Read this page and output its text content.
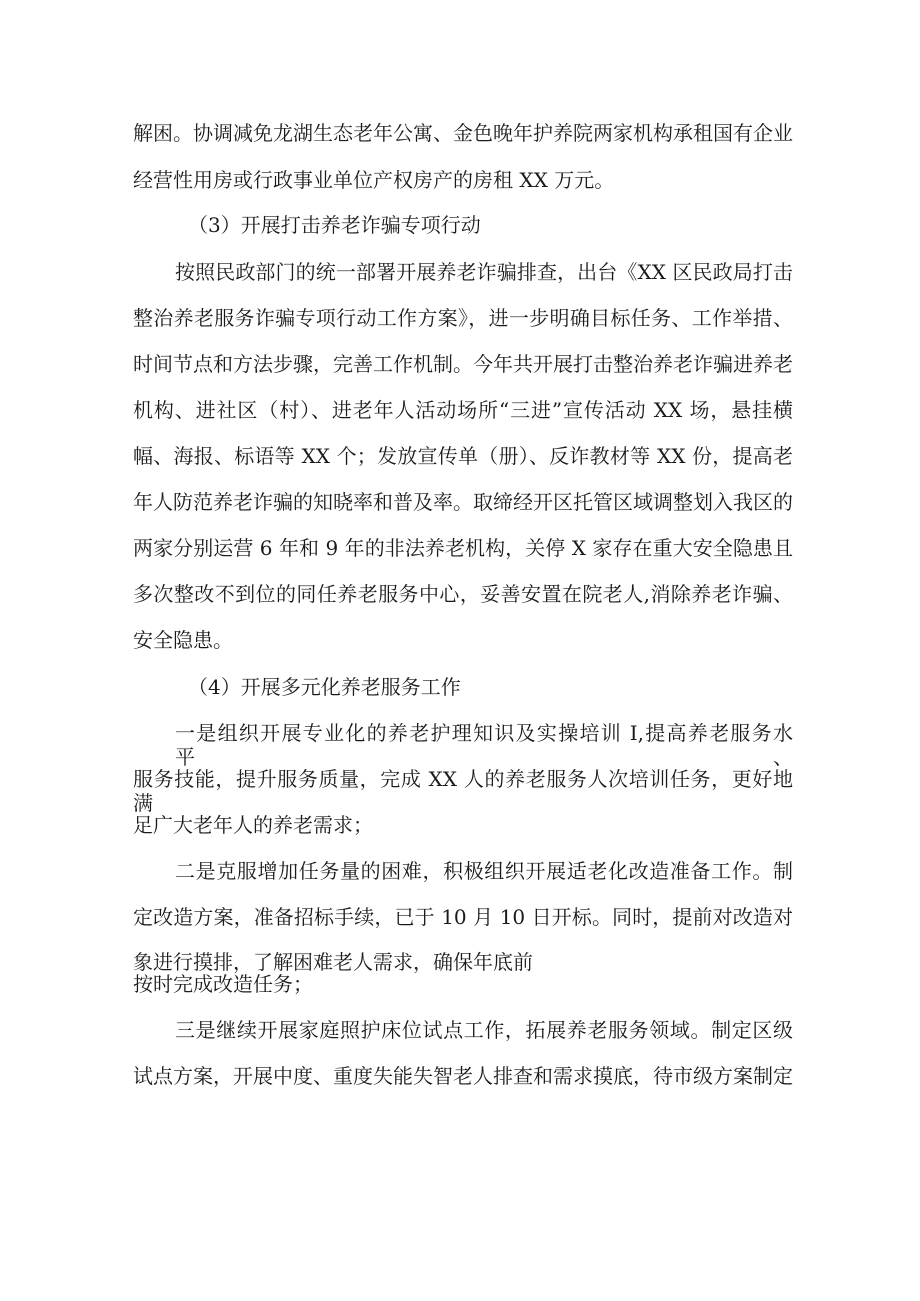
解困。协调减免龙湖生态老年公寓、金色晚年护养院两家机构承租国有企业
经营性用房或行政事业单位产权房产的房租 XX 万元。
（3）开展打击养老诈骗专项行动
按照民政部门的统一部署开展养老诈骗排查，出台《XX 区民政局打击
整治养老服务诈骗专项行动工作方案》，进一步明确目标任务、工作举措、
时间节点和方法步骤，完善工作机制。今年共开展打击整治养老诈骗进养老
机构、进社区（村）、进老年人活动场所“三进”宣传活动 XX 场，悬挂横
幅、海报、标语等 XX 个；发放宣传单（册）、反诈教材等 XX 份，提高老
年人防范养老诈骗的知晓率和普及率。取缔经开区托管区域调整划入我区的
两家分别运营 6 年和 9 年的非法养老机构，关停 X 家存在重大安全隐患且
多次整改不到位的同任养老服务中心，妥善安置在院老人,消除养老诈骗、
安全隐患。
（4）开展多元化养老服务工作
一是组织开展专业化的养老护理知识及实操培训 I,提高养老服务水平、
服务技能，提升服务质量，完成 XX 人的养老服务人次培训任务，更好地满
足广大老年人的养老需求；
二是克服增加任务量的困难，积极组织开展适老化改造准备工作。制
定改造方案，准备招标手续，已于 10 月 10 日开标。同时，提前对改造对
象进行摸排，了解困难老人需求，确保年底前
按时完成改造任务；
三是继续开展家庭照护床位试点工作，拓展养老服务领域。制定区级
试点方案，开展中度、重度失能失智老人排查和需求摸底，待市级方案制定
